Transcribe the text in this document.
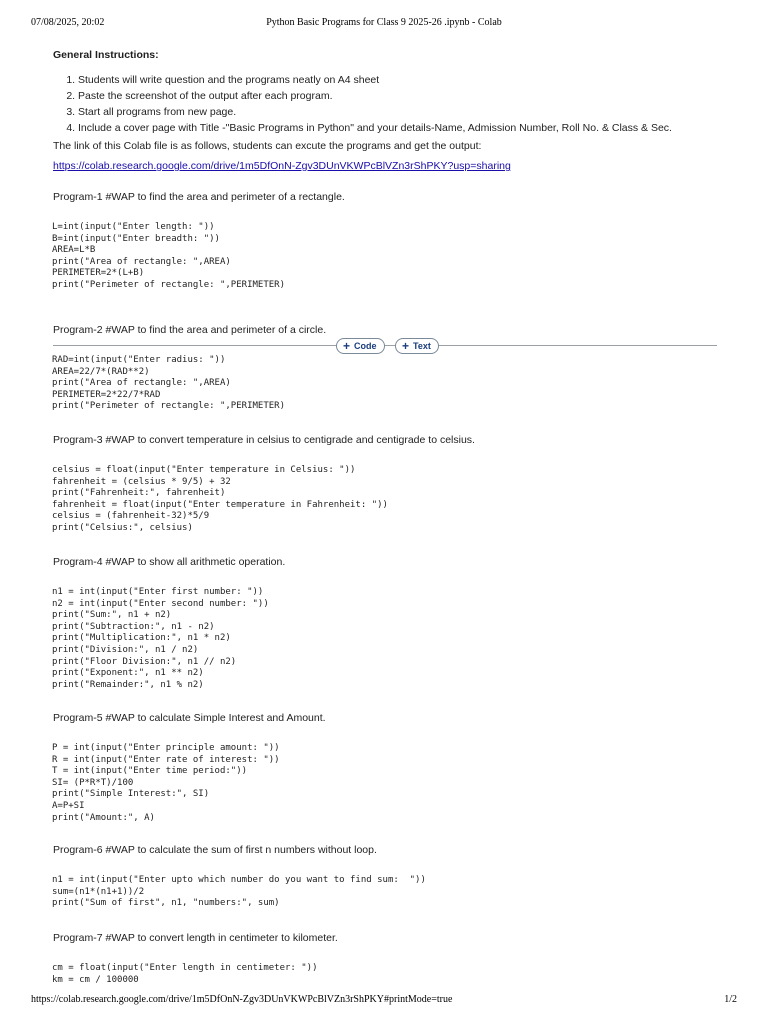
07/08/2025, 20:02	Python Basic Programs for Class 9 2025-26 .ipynb - Colab
General Instructions:
1. Students will write question and the programs neatly on A4 sheet
2. Paste the screenshot of the output after each program.
3. Start all programs from new page.
4. Include a cover page with Title -"Basic Programs in Python" and your details-Name, Admission Number, Roll No. & Class & Sec.
The link of this Colab file is as follows, students can excute the programs and get the output:
https://colab.research.google.com/drive/1m5DfOnN-Zgv3DUnVKWPcBlVZn3rShPKY?usp=sharing

Program-1 #WAP to find the area and perimeter of a rectangle.

L=int(input("Enter length: "))
B=int(input("Enter breadth: "))
AREA=L*B
print("Area of rectangle: ",AREA)
PERIMETER=2*(L+B)
print("Perimeter of rectangle: ",PERIMETER)

Program-2 #WAP to find the area and perimeter of a circle.

RAD=int(input("Enter radius: "))
AREA=22/7*(RAD**2)
print("Area of rectangle: ",AREA)
PERIMETER=2*22/7*RAD
print("Perimeter of rectangle: ",PERIMETER)

Program-3 #WAP to convert temperature in celsius to centigrade and centigrade to celsius.

celsius = float(input("Enter temperature in Celsius: "))
fahrenheit = (celsius * 9/5) + 32
print("Fahrenheit:", fahrenheit)
fahrenheit = float(input("Enter temperature in Fahrenheit: "))
celsius = (fahrenheit-32)*5/9
print("Celsius:", celsius)

Program-4 #WAP to show all arithmetic operation.

n1 = int(input("Enter first number: "))
n2 = int(input("Enter second number: "))
print("Sum:", n1 + n2)
print("Subtraction:", n1 - n2)
print("Multiplication:", n1 * n2)
print("Division:", n1 / n2)
print("Floor Division:", n1 // n2)
print("Exponent:", n1 ** n2)
print("Remainder:", n1 % n2)

Program-5 #WAP to calculate Simple Interest and Amount.

P = int(input("Enter principle amount: "))
R = int(input("Enter rate of interest: "))
T = int(input("Enter time period:"))
SI= (P*R*T)/100
print("Simple Interest:", SI)
A=P+SI
print("Amount:", A)

Program-6 #WAP to calculate the sum of first n numbers without loop.

n1 = int(input("Enter upto which number do you want to find sum:  "))
sum=(n1*(n1+1))/2
print("Sum of first", n1, "numbers:", sum)

Program-7 #WAP to convert length in centimeter to kilometer.

cm = float(input("Enter length in centimeter: "))
km = cm / 100000
+ Code + Text
https://colab.research.google.com/drive/1m5DfOnN-Zgv3DUnVKWPcBlVZn3rShPKY#printMode=true	1/2
